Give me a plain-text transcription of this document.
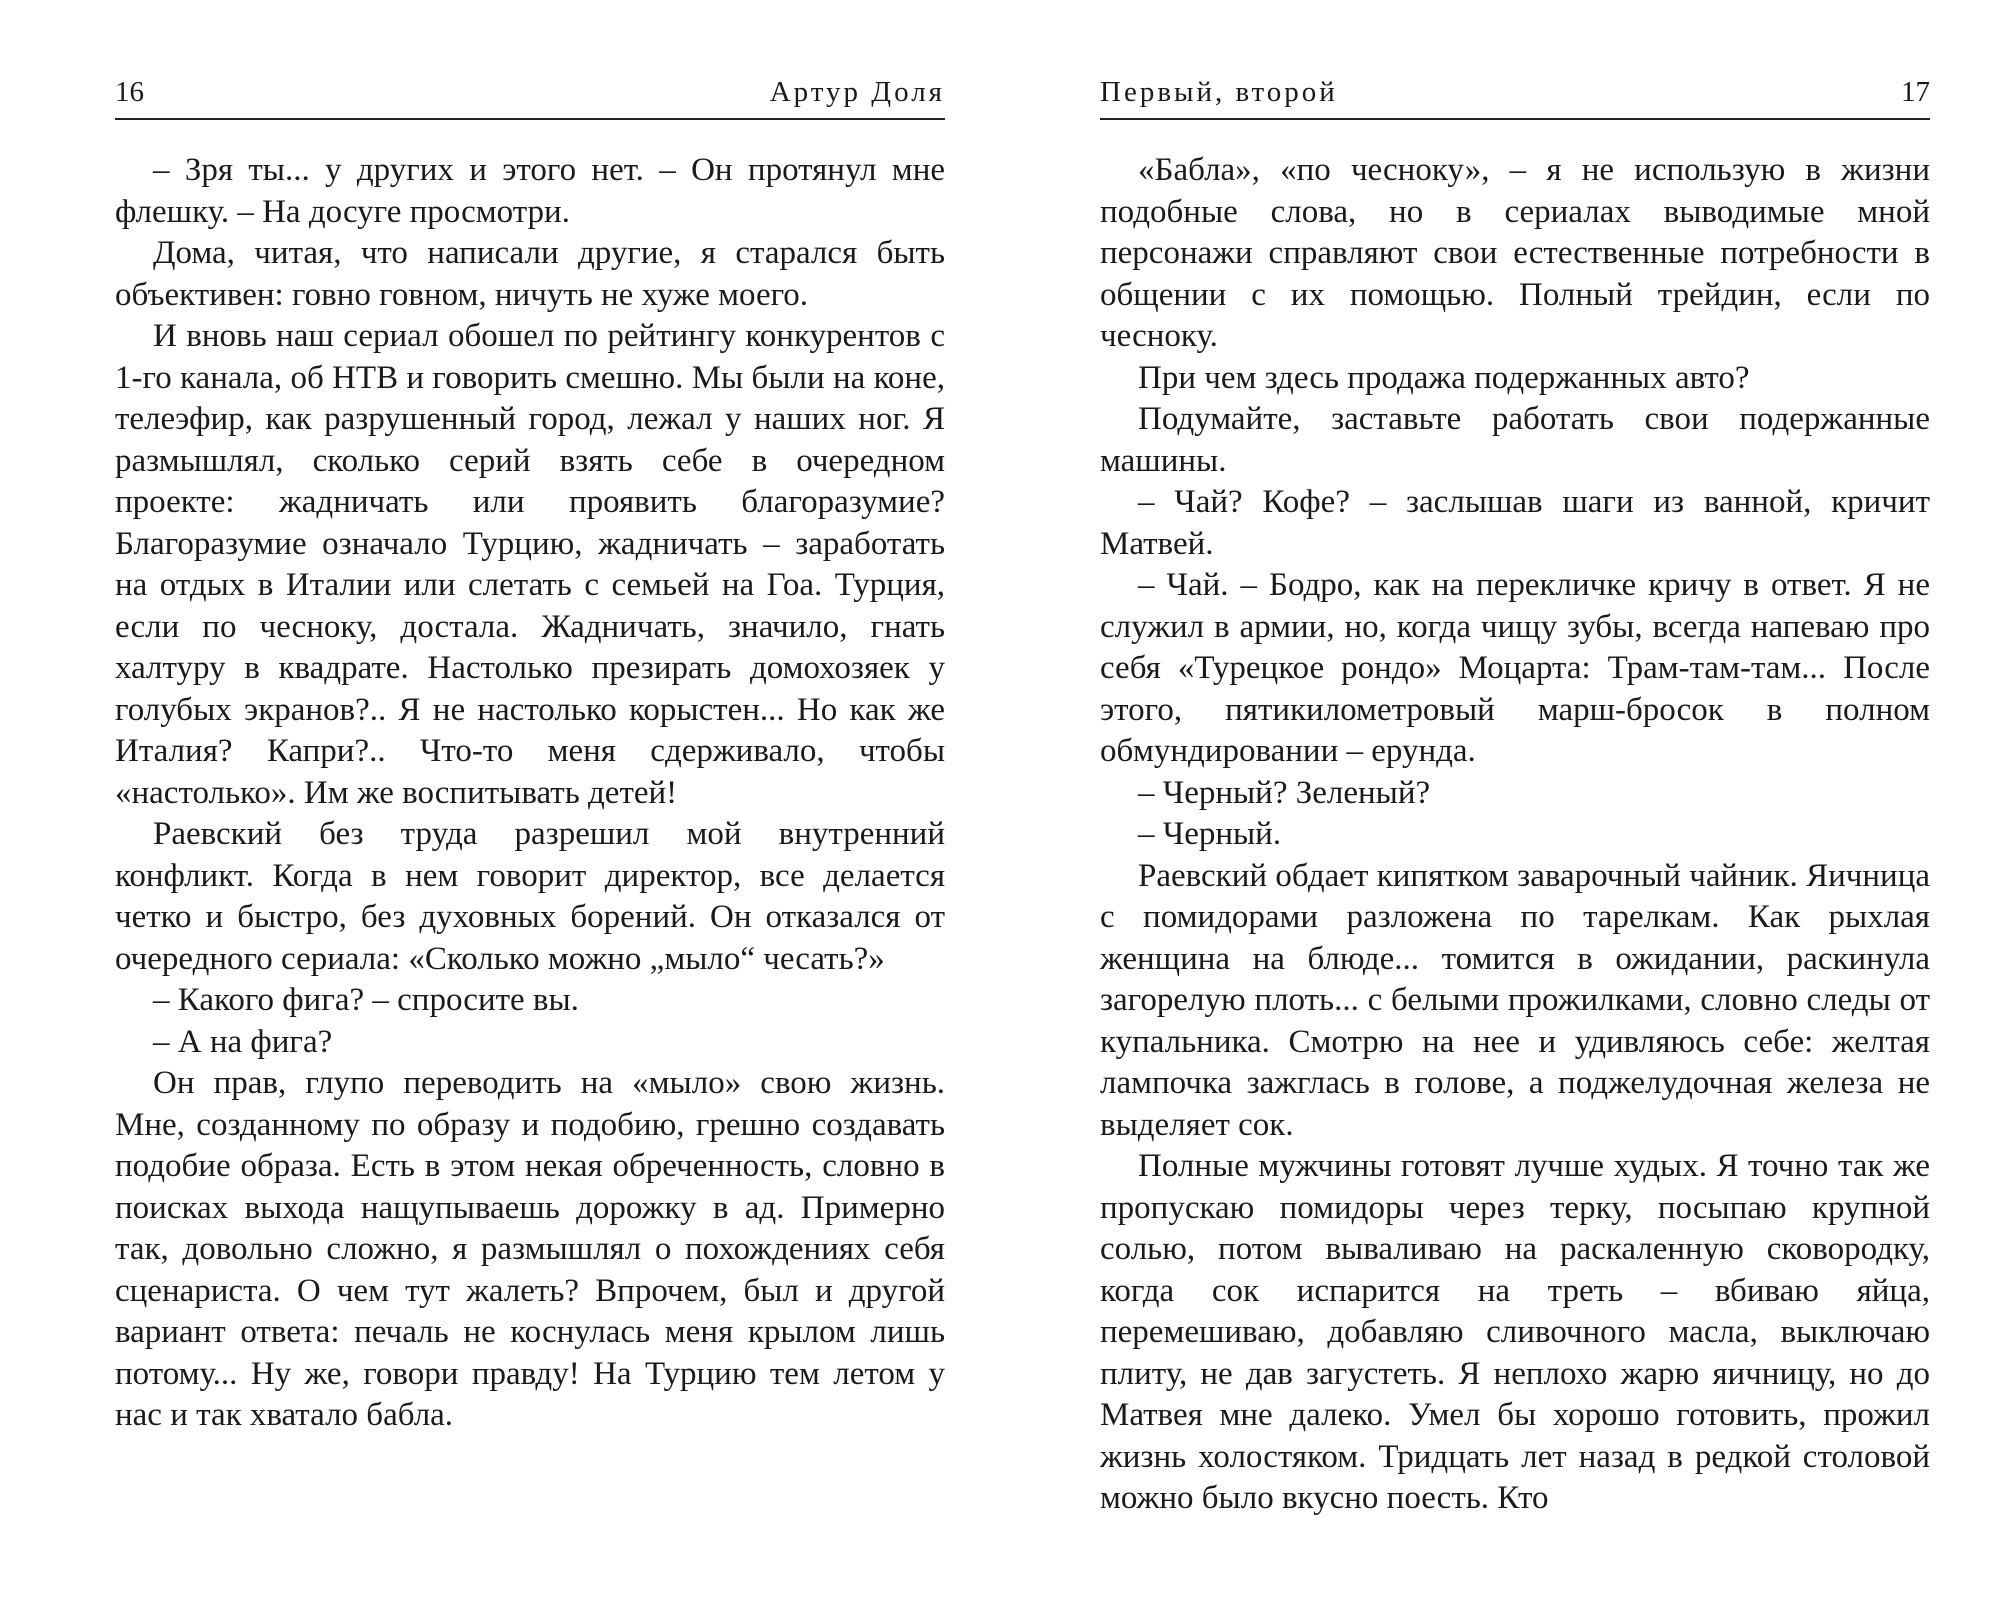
16	Артур Доля

– Зря ты... у других и этого нет. – Он протянул мне флешку. – На досуге просмотри.

Дома, читая, что написали другие, я старался быть объективен: говно говном, ничуть не хуже моего.

И вновь наш сериал обошел по рейтингу конкурентов с 1-го канала, об НТВ и говорить смешно. Мы были на коне, телеэфир, как разрушенный город, лежал у наших ног. Я размышлял, сколько серий взять себе в очередном проекте: жадничать или проявить благоразумие? Благоразумие означало Турцию, жадничать – заработать на отдых в Италии или слетать с семьей на Гоа. Турция, если по чесноку, достала. Жадничать, значило, гнать халтуру в квадрате. Настолько презирать домохозяек у голубых экранов?.. Я не настолько корыстен... Но как же Италия? Капри?.. Что-то меня сдерживало, чтобы «настолько». Им же воспитывать детей!

Раевский без труда разрешил мой внутренний конфликт. Когда в нем говорит директор, все делается четко и быстро, без духовных борений. Он отказался от очередного сериала: «Сколько можно „мыло“ чесать?»

– Какого фига? – спросите вы.

– А на фига?

Он прав, глупо переводить на «мыло» свою жизнь. Мне, созданному по образу и подобию, грешно создавать подобие образа. Есть в этом некая обреченность, словно в поисках выхода нащупываешь дорожку в ад. Примерно так, довольно сложно, я размышлял о похождениях себя сценариста. О чем тут жалеть? Впрочем, был и другой вариант ответа: печаль не коснулась меня крылом лишь потому... Ну же, говори правду! На Турцию тем летом у нас и так хватало бабла.

Первый, второй	17

«Бабла», «по чесноку», – я не использую в жизни подобные слова, но в сериалах выводимые мной персонажи справляют свои естественные потребности в общении с их помощью. Полный трейдин, если по чесноку.

При чем здесь продажа подержанных авто?

Подумайте, заставьте работать свои подержанные машины.

– Чай? Кофе? – заслышав шаги из ванной, кричит Матвей.

– Чай. – Бодро, как на перекличке кричу в ответ. Я не служил в армии, но, когда чищу зубы, всегда напеваю про себя «Турецкое рондо» Моцарта: Трам-там-там... После этого, пятикилометровый марш-бросок в полном обмундировании – ерунда.

– Черный? Зеленый?

– Черный.

Раевский обдает кипятком заварочный чайник. Яичница с помидорами разложена по тарелкам. Как рыхлая женщина на блюде... томится в ожидании, раскинула загорелую плоть... с белыми прожилками, словно следы от купальника. Смотрю на нее и удивляюсь себе: желтая лампочка зажглась в голове, а поджелудочная железа не выделяет сок.

Полные мужчины готовят лучше худых. Я точно так же пропускаю помидоры через терку, посыпаю крупной солью, потом вываливаю на раскаленную сковородку, когда сок испарится на треть – вбиваю яйца, перемешиваю, добавляю сливочного масла, выключаю плиту, не дав загустеть. Я неплохо жарю яичницу, но до Матвея мне далеко. Умел бы хорошо готовить, прожил жизнь холостяком. Тридцать лет назад в редкой столовой можно было вкусно поесть. Кто
